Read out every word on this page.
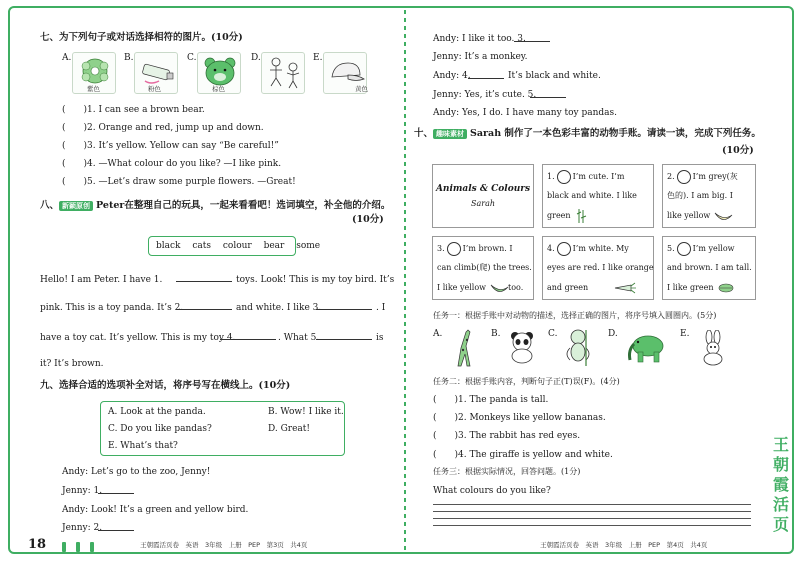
七、为下列句子或对话选择相符的图片。(10分)
A.
紫色
B.
粉色
C.
棕色
D.	E.
黄色
(　　)1. I can see a brown bear.
(　　)2. Orange and red, jump up and down.
(　　)3. It’s yellow. Yellow can say “Be careful!”
(　　)4. —What colour do you like? —I like pink.
(　　)5. —Let’s draw some purple flowers. —Great!
八、 新颖原创 Peter在整理自己的玩具，一起来看看吧！选词填空，补全他的介绍。
(10分)
black　 cats　 colour　 bear　 some
Hello! I am Peter. I have 1.	toys. Look! This is my toy bird. It’s
pink. This is a toy panda. It’s 2.	and white. I like 3.	. I
have a toy cat. It’s yellow. This is my toy 4.	. What 5.	is
it? It’s brown.
九、选择合适的选项补全对话，将序号写在横线上。(10分)
A. Look at the panda.	B. Wow! I like it.
C. Do you like pandas?	D. Great!
E. What’s that?
Andy: Let’s go to the zoo, Jenny!
Jenny: 1.
Andy: Look! It’s a green and yellow bird.
Jenny: 2.
Andy: I like it too. 3.
Jenny: It’s a monkey.
Andy: 4.	It’s black and white.
Jenny: Yes, it’s cute. 5.
Andy: Yes, I do. I have many toy pandas.
十、 趣味素材 Sarah 制作了一本色彩丰富的动物手账。请读一读，完成下列任务。
(10分)
Animals & Colours
Sarah
1. I’m cute. I’m
black and white. I like
green
2. I’m grey(灰
色的). I am big. I
like yellow
3. I’m brown. I
can climb(爬) the trees.
I like yellow	too.
4. I’m white. My
eyes are red. I like orange
and green
5. I’m yellow
and brown. I am tall.
I like green
任务一：根据手账中对动物的描述，选择正确的图片，将序号填入圆圈内。(5分)
A.	B.	C.	D.	E.
任务二：根据手账内容，判断句子正(T)误(F)。(4分)
(　　)1. The panda is tall.
(　　)2. Monkeys like yellow bananas.
(　　)3. The rabbit has red eyes.
(　　)4. The giraffe is yellow and white.
任务三：根据实际情况，回答问题。(1分)
What colours do you like?
18	王朝霞活页卷　英语　3年级　上册　PEP　第3页　共4页	王朝霞活页卷　英语　3年级　上册　PEP　第4页　共4页
王朝霞活页
